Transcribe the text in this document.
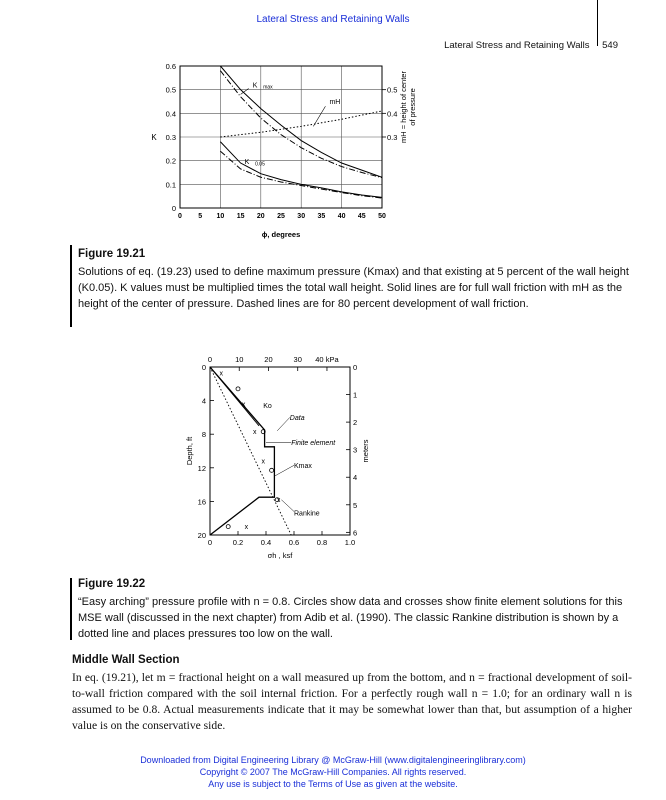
Lateral Stress and Retaining Walls
Lateral Stress and Retaining Walls 549
0 5 10 15 20 25 30 35 40 45 50
0
0.1
0.2
0.3
0.4
0.5
0.6
0.3
0.4
0.5
K max
mH
K 0.05
ϕ, degrees
K	mH = height of centerof pressure
Figure 19.21
Solutions of eq. (19.23) used to define maximum pressure (Kmax) and that existing at 5 percent of the wall height (K0.05). K values must be multiplied times the total wall height. Solid lines are for full wall friction with mH as the height of the center of pressure. Dashed lines are for 80 percent development of wall friction.
0	0.2 0.4 0.6 0.8 1.0
0	10	20	30 40 kPa
0
4
8
12
16
20
0
1
2
3
4
5
6
x
x
x
x
x
x
Data
Finite element
Ko
Kmax
Rankine
σh , ksf
Depth, ft	meters
Figure 19.22
“Easy arching” pressure profile with n = 0.8. Circles show data and crosses show finite element solutions for this MSE wall (discussed in the next chapter) from Adib et al. (1990). The classic Rankine distribution is shown by a dotted line and places pressures too low on the wall.
Middle Wall Section
In eq. (19.21), let m = fractional height on a wall measured up from the bottom, and n = fractional development of soil-to-wall friction compared with the soil internal friction. For a perfectly rough wall n = 1.0; for an ordinary wall n is assumed to be 0.8. Actual measurements indicate that it may be somewhat lower than that, but assumption of a higher value is on the conservative side.
Downloaded from Digital Engineering Library @ McGraw-Hill (www.digitalengineeringlibrary.com)
Copyright © 2007 The McGraw-Hill Companies. All rights reserved.
Any use is subject to the Terms of Use as given at the website.
